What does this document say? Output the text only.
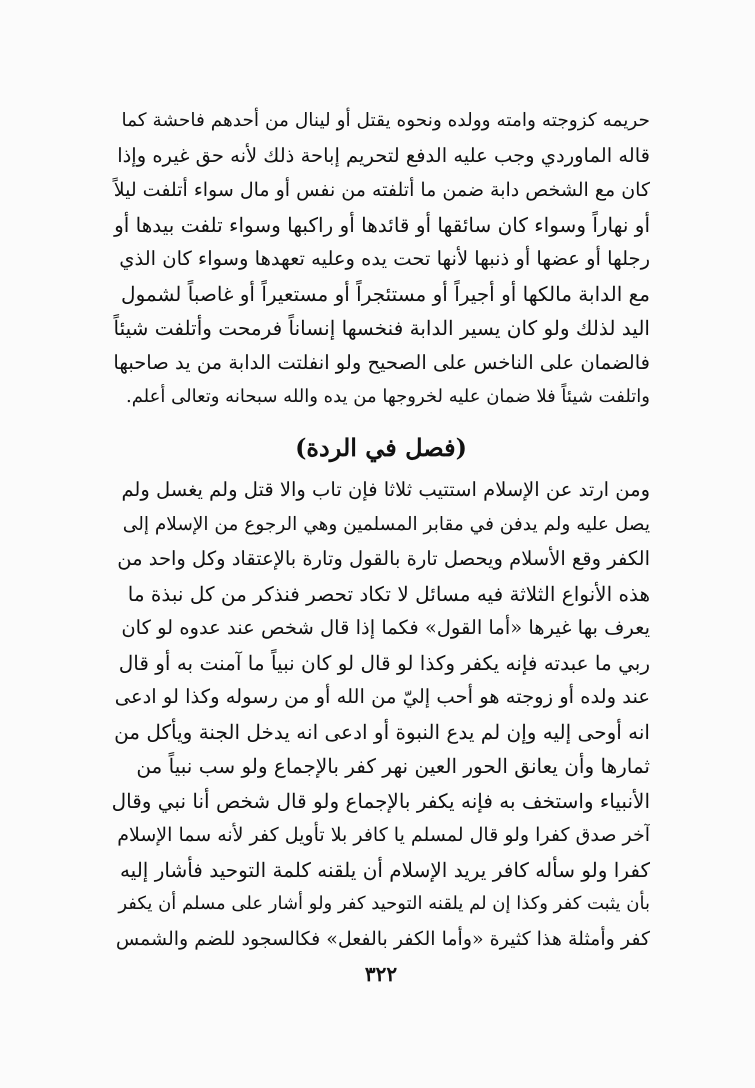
حريمه كزوجته وامته وولده ونحوه يقتل أو لينال من أحدهم فاحشة كما
قاله الماوردي وجب عليه الدفع لتحريم إباحة ذلك لأنه حق غيره وإذا
كان مع الشخص دابة ضمن ما أتلفته من نفس أو مال سواء أتلفت ليلاً
أو نهاراً وسواء كان سائقها أو قائدها أو راكبها وسواء تلفت بيدها أو
رجلها أو عضها أو ذنبها لأنها تحت يده وعليه تعهدها وسواء كان الذي
مع الدابة مالكها أو أجيراً أو مستئجراً أو مستعيراً أو غاصباً لشمول
اليد لذلك ولو كان يسير الدابة فنخسها إنساناً فرمحت وأتلفت شيئاً
فالضمان على الناخس على الصحيح ولو انفلتت الدابة من يد صاحبها
واتلفت شيئاً فلا ضمان عليه لخروجها من يده والله سبحانه وتعالى أعلم.
(فصل في الردة)
ومن ارتد عن الإسلام استتيب ثلاثا فإن تاب والا قتل ولم يغسل ولم
يصل عليه ولم يدفن في مقابر المسلمين وهي الرجوع من الإسلام إلى
الكفر وقع الأسلام ويحصل تارة بالقول وتارة بالإعتقاد وكل واحد من
هذه الأنواع الثلاثة فيه مسائل لا تكاد تحصر فنذكر من كل نبذة ما
يعرف بها غيرها «أما القول» فكما إذا قال شخص عند عدوه لو كان
ربي ما عبدته فإنه يكفر وكذا لو قال لو كان نبياً ما آمنت به أو قال
عند ولده أو زوجته هو أحب إليّ من الله أو من رسوله وكذا لو ادعى
انه أوحى إليه وإن لم يدع النبوة أو ادعى انه يدخل الجنة ويأكل من
ثمارها وأن يعانق الحور العين نهر كفر بالإجماع ولو سب نبياً من
الأنبياء واستخف به فإنه يكفر بالإجماع ولو قال شخص أنا نبي وقال
آخر صدق كفرا ولو قال لمسلم يا كافر بلا تأويل كفر لأنه سما الإسلام
كفرا ولو سأله كافر يريد الإسلام أن يلقنه كلمة التوحيد فأشار إليه
بأن يثبت كفر وكذا إن لم يلقنه التوحيد كفر ولو أشار على مسلم أن يكفر
كفر وأمثلة هذا كثيرة «وأما الكفر بالفعل» فكالسجود للضم والشمس
٣٢٢
